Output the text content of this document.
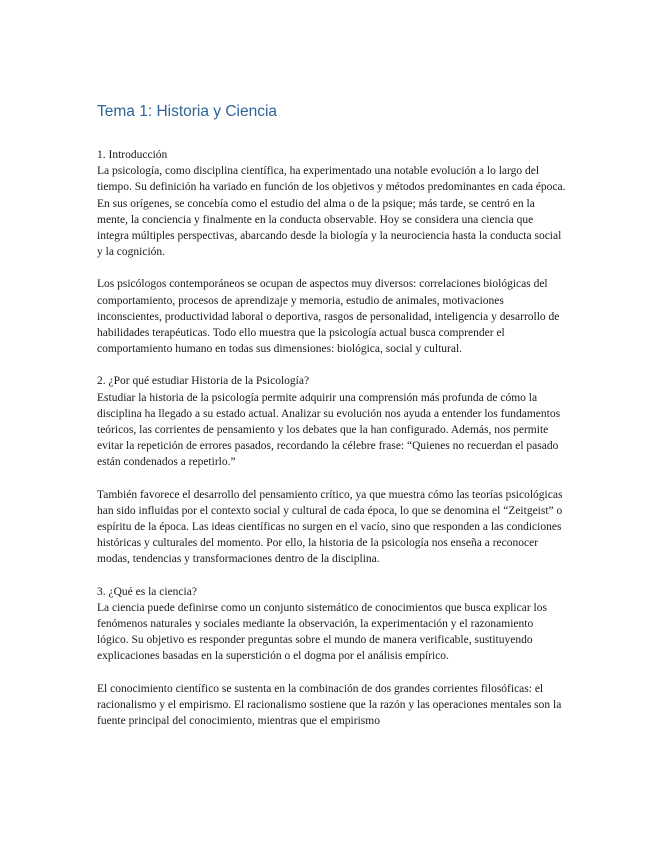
Tema 1: Historia y Ciencia
1. Introducción

La psicología, como disciplina científica, ha experimentado una notable evolución a lo largo del tiempo. Su definición ha variado en función de los objetivos y métodos predominantes en cada época. En sus orígenes, se concebía como el estudio del alma o de la psique; más tarde, se centró en la mente, la conciencia y finalmente en la conducta observable. Hoy se considera una ciencia que integra múltiples perspectivas, abarcando desde la biología y la neurociencia hasta la conducta social y la cognición.

Los psicólogos contemporáneos se ocupan de aspectos muy diversos: correlaciones biológicas del comportamiento, procesos de aprendizaje y memoria, estudio de animales, motivaciones inconscientes, productividad laboral o deportiva, rasgos de personalidad, inteligencia y desarrollo de habilidades terapéuticas. Todo ello muestra que la psicología actual busca comprender el comportamiento humano en todas sus dimensiones: biológica, social y cultural.

2. ¿Por qué estudiar Historia de la Psicología?

Estudiar la historia de la psicología permite adquirir una comprensión más profunda de cómo la disciplina ha llegado a su estado actual. Analizar su evolución nos ayuda a entender los fundamentos teóricos, las corrientes de pensamiento y los debates que la han configurado. Además, nos permite evitar la repetición de errores pasados, recordando la célebre frase: “Quienes no recuerdan el pasado están condenados a repetirlo.”

También favorece el desarrollo del pensamiento crítico, ya que muestra cómo las teorías psicológicas han sido influidas por el contexto social y cultural de cada época, lo que se denomina el “Zeitgeist” o espíritu de la época. Las ideas científicas no surgen en el vacío, sino que responden a las condiciones históricas y culturales del momento. Por ello, la historia de la psicología nos enseña a reconocer modas, tendencias y transformaciones dentro de la disciplina.

3. ¿Qué es la ciencia?

La ciencia puede definirse como un conjunto sistemático de conocimientos que busca explicar los fenómenos naturales y sociales mediante la observación, la experimentación y el razonamiento lógico. Su objetivo es responder preguntas sobre el mundo de manera verificable, sustituyendo explicaciones basadas en la superstición o el dogma por el análisis empírico.

El conocimiento científico se sustenta en la combinación de dos grandes corrientes filosóficas: el racionalismo y el empirismo. El racionalismo sostiene que la razón y las operaciones mentales son la fuente principal del conocimiento, mientras que el empirismo
